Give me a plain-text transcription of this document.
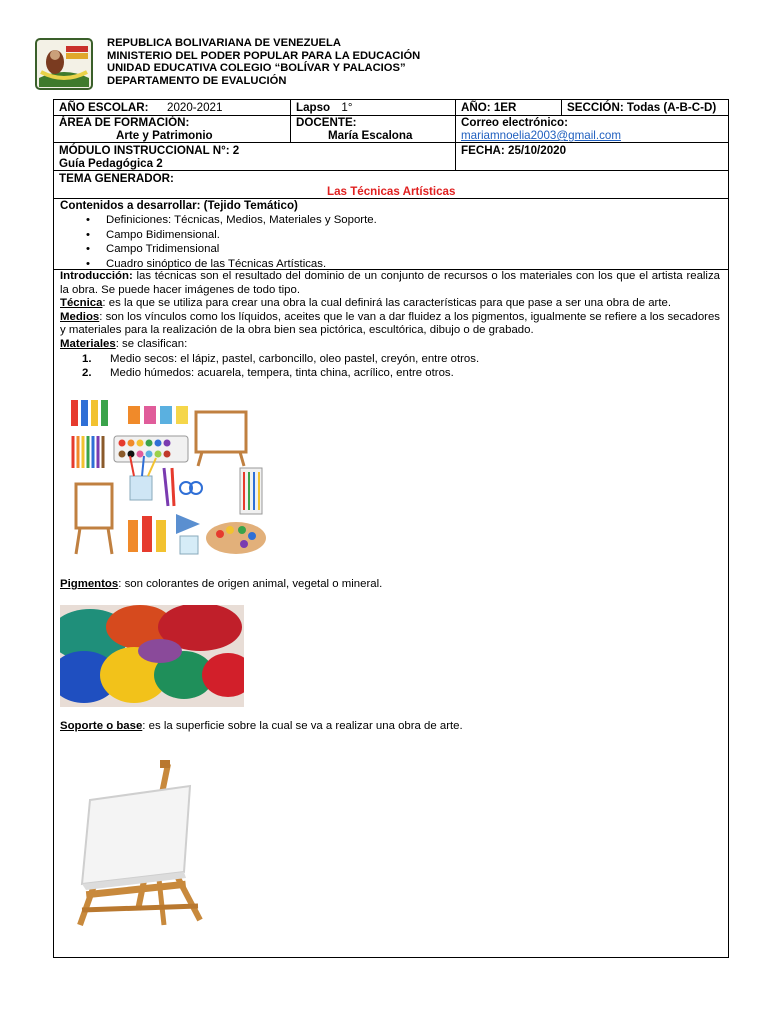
REPUBLICA BOLIVARIANA DE VENEZUELA
MINISTERIO DEL PODER POPULAR PARA LA EDUCACIÓN
UNIDAD EDUCATIVA COLEGIO “BOLÍVAR Y PALACIOS”
DEPARTAMENTO DE EVALUCIÓN
AÑO ESCOLAR: 2020-2021	Lapso 1°	AÑO: 1ER	SECCIÓN: Todas (A-B-C-D)
ÁREA DE FORMACIÓN:
Arte y Patrimonio
DOCENTE:
María Escalona
Correo electrónico:
mariamnoelia2003@gmail.com
MÓDULO INSTRUCCIONAL N°: 2
Guía Pedagógica 2
FECHA: 25/10/2020
TEMA GENERADOR:
Las Técnicas Artísticas
Contenidos a desarrollar: (Tejido Temático)
• Definiciones: Técnicas, Medios, Materiales y Soporte.
• Campo Bidimensional.
• Campo Tridimensional
• Cuadro sinóptico de las Técnicas Artísticas.
Introducción: las técnicas son el resultado del dominio de un conjunto de recursos o los materiales con los que el artista realiza la obra. Se puede hacer imágenes de todo tipo.
Técnica: es la que se utiliza para crear una obra la cual definirá las características para que pase a ser una obra de arte.
Medios: son los vínculos como los líquidos, aceites que le van a dar fluidez a los pigmentos, igualmente se refiere a los secadores y materiales para la realización de la obra bien sea pictórica, escultórica, dibujo o de grabado.
Materiales: se clasifican:
1. Medio secos: el lápiz, pastel, carboncillo, oleo pastel, creyón, entre otros.
2. Medio húmedos: acuarela, tempera, tinta china, acrílico, entre otros.
Pigmentos: son colorantes de origen animal, vegetal o mineral.
Soporte o base: es la superficie sobre la cual se va a realizar una obra de arte.
